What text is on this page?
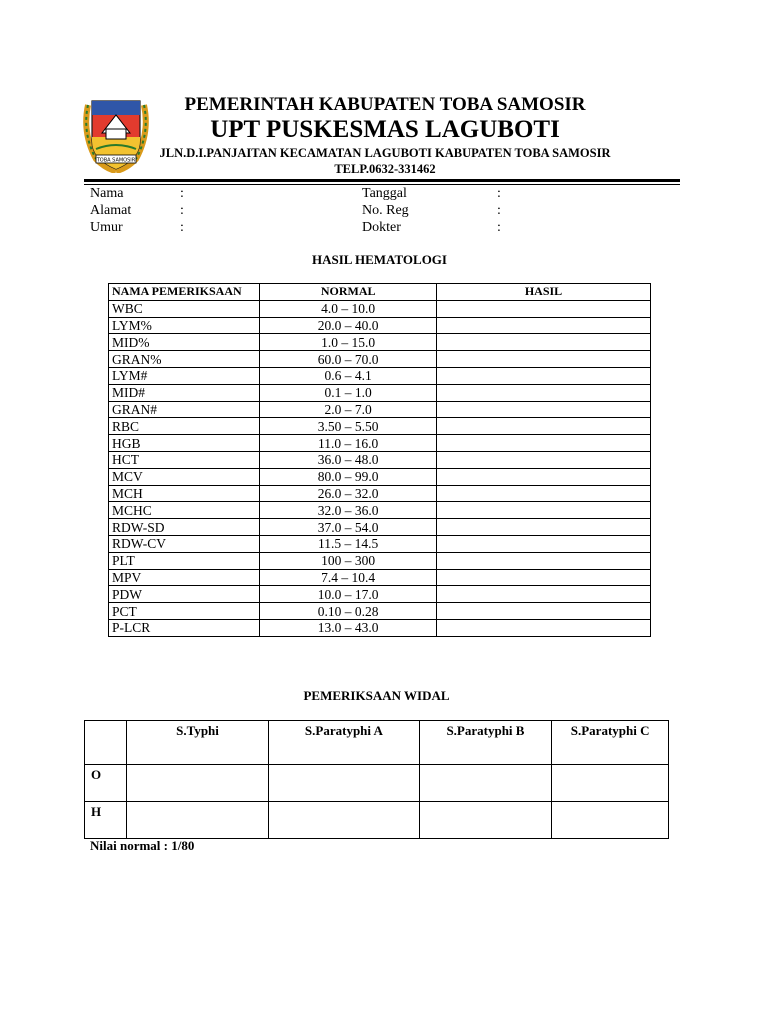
TOBA SAMOSIR
PEMERINTAH KABUPATEN TOBA SAMOSIR
UPT PUSKESMAS LAGUBOTI
JLN.D.I.PANJAITAN KECAMATAN LAGUBOTI KABUPATEN TOBA SAMOSIR
TELP.0632-331462
Nama	:
Alamat	:
Umur	:
Tanggal	:
No. Reg	:
Dokter	:
HASIL HEMATOLOGI
NAMA PEMERIKSAAN	NORMAL	HASIL
WBC	4.0 – 10.0	
LYM%	20.0 – 40.0	
MID%	1.0 – 15.0	
GRAN%	60.0 – 70.0	
LYM#	0.6 – 4.1	
MID#	0.1 – 1.0	
GRAN#	2.0 – 7.0	
RBC	3.50 – 5.50	
HGB	11.0 – 16.0	
HCT	36.0 – 48.0	
MCV	80.0 – 99.0	
MCH	26.0 – 32.0	
MCHC	32.0 – 36.0	
RDW-SD	37.0 – 54.0	
RDW-CV	11.5 – 14.5	
PLT	100 – 300	
MPV	7.4 – 10.4	
PDW	10.0 – 17.0	
PCT	0.10 – 0.28	
P-LCR	13.0 – 43.0	
PEMERIKSAAN WIDAL
	S.Typhi	S.Paratyphi A	S.Paratyphi B	S.Paratyphi C
O				
H				
Nilai normal : 1/80
